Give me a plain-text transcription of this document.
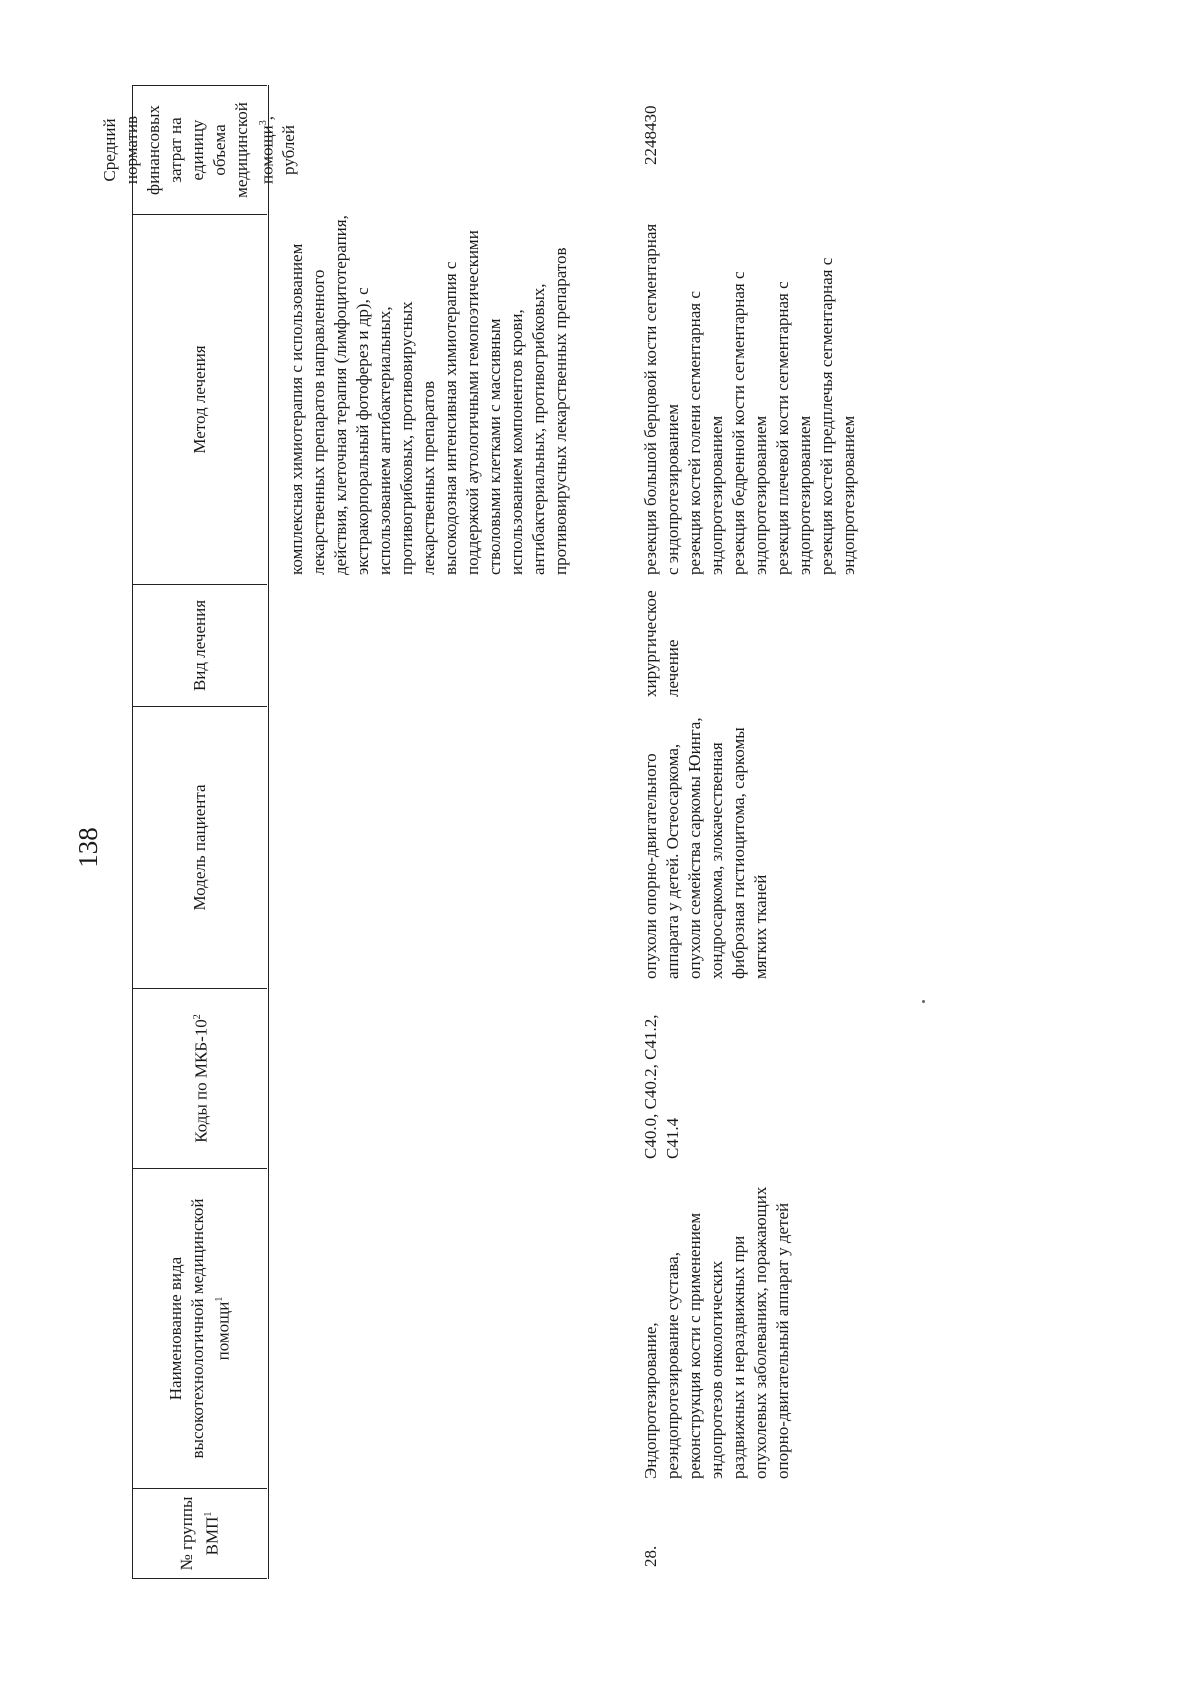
138
№ группы ВМП$^1$
Наименование вида высокотехнологичной медицинской помощи$^1$
Коды по МКБ-$10^2$
Модель пациента
Вид лечения
Метод лечения
Средний норматив финансовых затрат на единицу объема медицинской помощи$^3$, рублей

комплексная химиотерапия с использованием лекарственных препаратов направленного действия, клеточная терапия (лимфоцитотерапия, экстракорпоральный фотоферез и др), с использованием антибактериальных, противогрибковых, противовирусных лекарственных препаратов высокодозная интенсивная химиотерапия с поддержкой аутологичными гемопоэтическими стволовыми клетками с массивным использованием компонентов крови, антибактериальных, противогрибковых, противовирусных лекарственных препаратов

28.
Эндопротезирование, реэндопротезирование сустава, реконструкция кости с применением эндопротезов онкологических раздвижных и нераздвижных при опухолевых заболеваниях, поражающих опорно-двигательный аппарат у детей
C40.0, C40.2, C41.2, C41.4
опухоли опорно-двигательного аппарата у детей. Остеосаркома, опухоли семейства саркомы Юинга, хондросаркома, злокачественная фиброзная гистиоцитома, саркомы мягких тканей
хирургическое лечение

резекция большой берцовой кости сегментарная с эндопротезированием резекция костей голени сегментарная с эндопротезированием резекция бедренной кости сегментарная с эндопротезированием резекция плечевой кости сегментарная с эндопротезированием резекция костей предплечья сегментарная с эндопротезированием

2248430
